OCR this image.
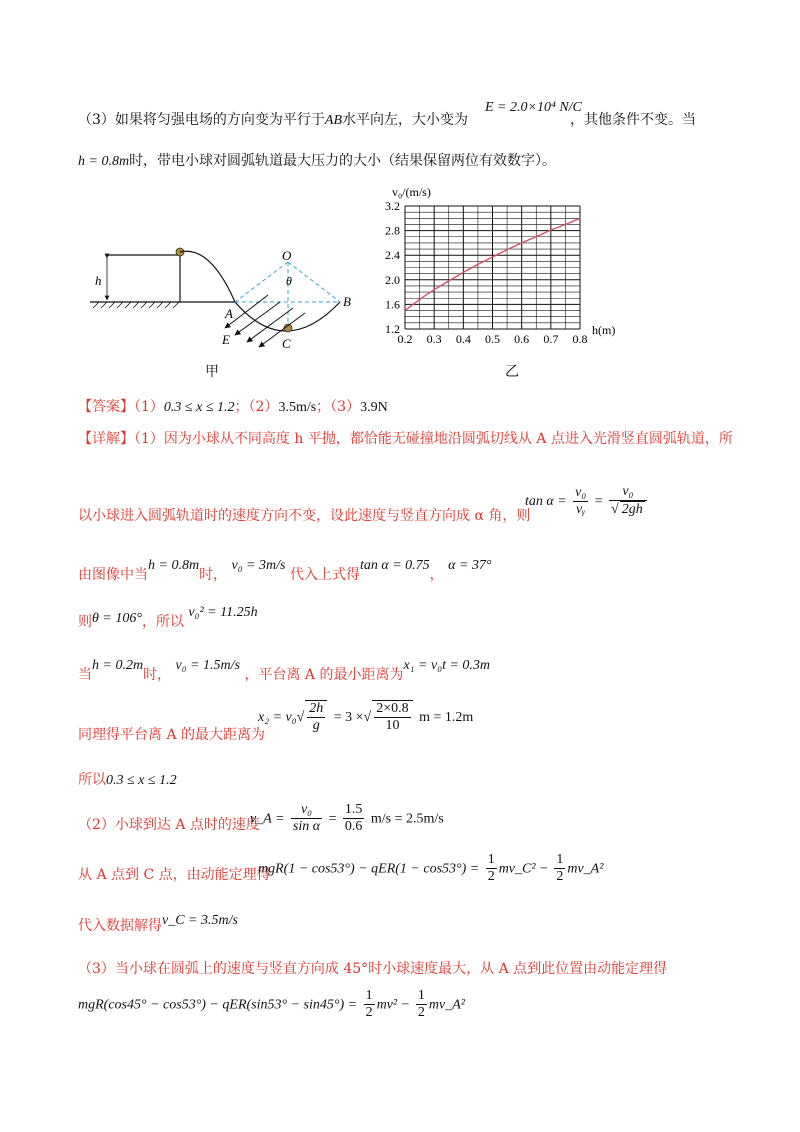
（3）如果将匀强电场的方向变为平行于AB水平向左，大小变为
E = 2.0×10⁴ N/C
，其他条件不变。当
h = 0.8m时，带电小球对圆弧轨道最大压力的大小（结果保留两位有效数字）。
h
O
θ
A
B
C
E
甲
v₀/(m/s)
0.2 0.3 0.4 0.5 0.6 0.7 0.8
1.2
1.6
2.0
2.4
2.8
3.2
h(m)
乙
【答案】（1）0.3 ≤ x ≤ 1.2；（2）3.5m/s；（3）3.9N
【详解】（1）因为小球从不同高度 h 平抛，都恰能无碰撞地沿圆弧切线从 A 点进入光滑竖直圆弧轨道，所
以小球进入圆弧轨道时的速度方向不变，设此速度与竖直方向成 α 角，则
$\tan \alpha = \frac{\text{v₀}}{\text{vᵧ}} = \frac{\text{v₀}}{√ 2gh}$
由图像中当h = 0.8m时， v₀ = 3m/s 代入上式得tan α = 0.75， α = 37°
则θ = 106°，所以 v₀² = 11.25h
当h = 0.2m时， v₀ = 1.5m/s ，平台离 A 的最小距离为x₁ = v₀t = 0.3m
同理得平台离 A 的最大距离为
$x_2 = v_0√ \frac{2h}{g} = 3$ ×√ $\frac{2\times 0.8}{10}$ m = 1.2m
所以0.3 ≤ x ≤ 1.2
（2）小球到达 A 点时的速度
v_A = $\frac{\text{v₀}}{\text{sin α}} = \frac{1.5}{0.6} m/s = 2.5m/s$
从 A 点到 C 点，由动能定理得
$mgR(1 - \cos 53^\circ) - qER(1 - \cos 53^\circ) = \frac{1}{2}$ mv_C² − $\frac{1}{2}$ mv_A²
代入数据解得v_C = 3.5m/s
（3）当小球在圆弧上的速度与竖直方向成 45°时小球速度最大，从 A 点到此位置由动能定理得
$mgR(\cos 45^\circ - \cos 53^\circ) - qER(\sin 53^\circ - \sin 45^\circ) = \frac{1}{2} mv^2 - \frac{1}{2}$ mv_A²
